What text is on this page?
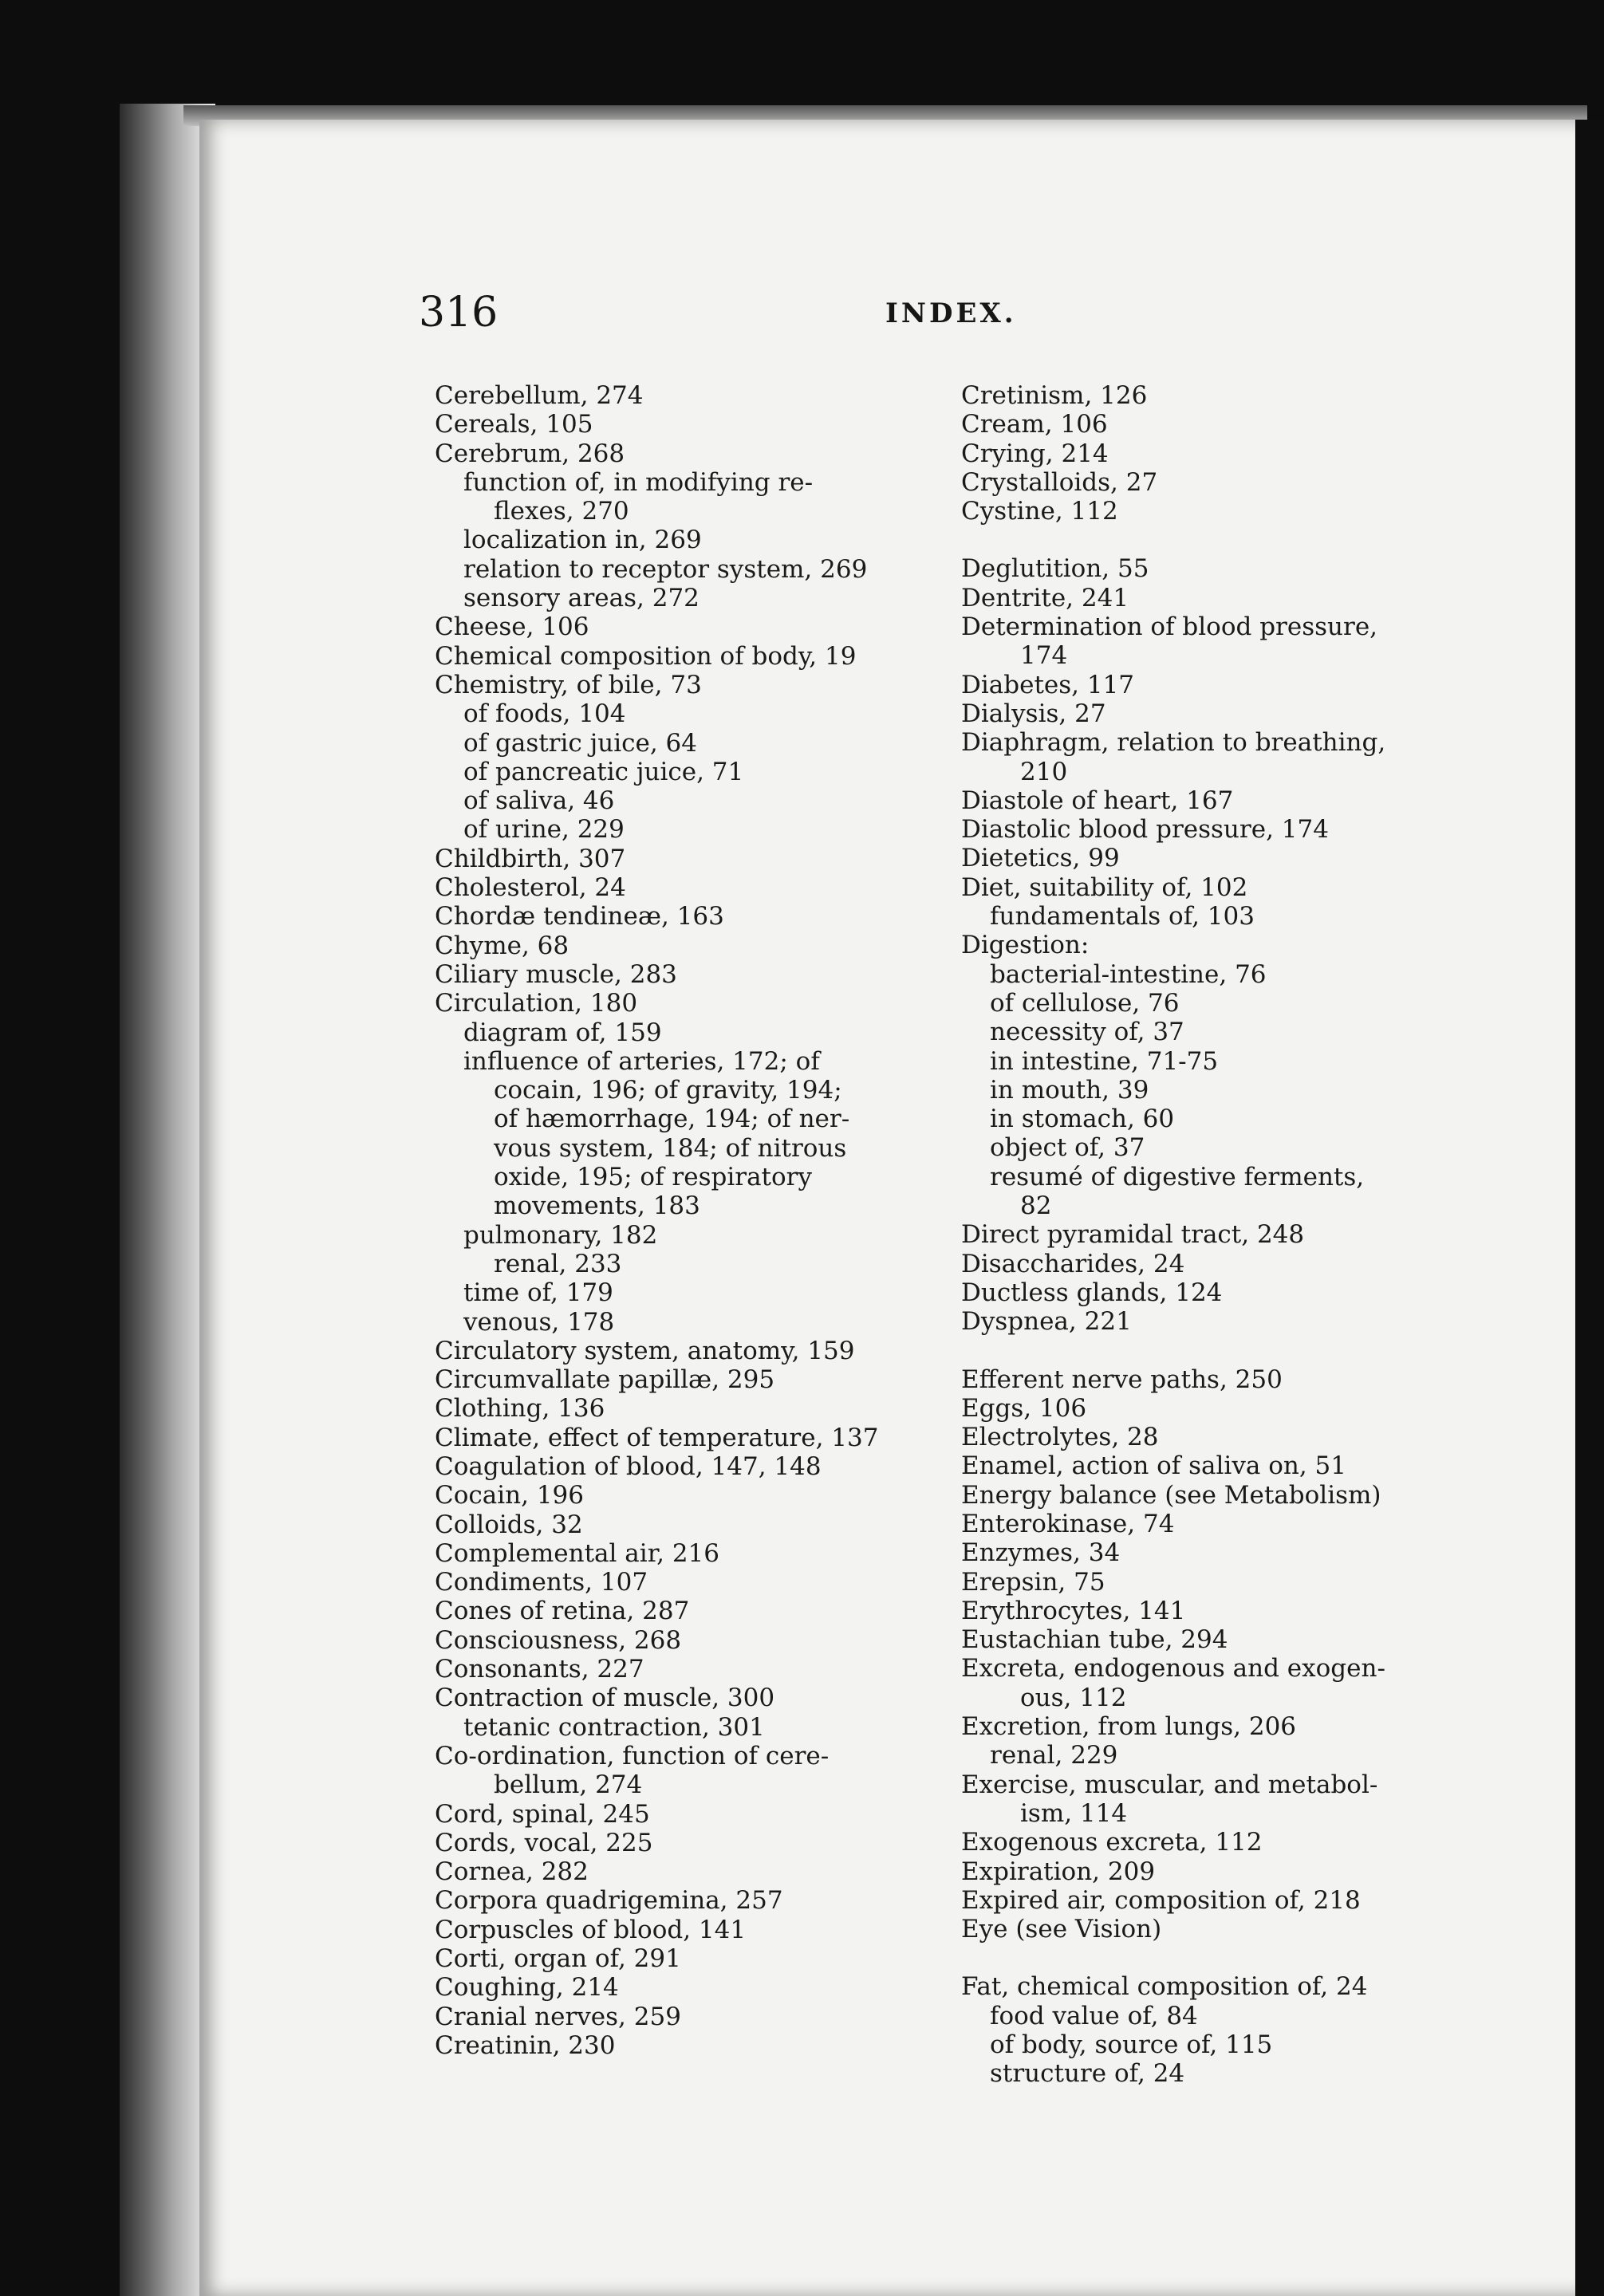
316	INDEX.
Cerebellum, 274
Cereals, 105
Cerebrum, 268
function of, in modifying re-
flexes, 270
localization in, 269
relation to receptor system, 269
sensory areas, 272
Cheese, 106
Chemical composition of body, 19
Chemistry, of bile, 73
of foods, 104
of gastric juice, 64
of pancreatic juice, 71
of saliva, 46
of urine, 229
Childbirth, 307
Cholesterol, 24
Chordæ tendineæ, 163
Chyme, 68
Ciliary muscle, 283
Circulation, 180
diagram of, 159
influence of arteries, 172; of
cocain, 196; of gravity, 194;
of hæmorrhage, 194; of ner-
vous system, 184; of nitrous
oxide, 195; of respiratory
movements, 183
pulmonary, 182
renal, 233
time of, 179
venous, 178
Circulatory system, anatomy, 159
Circumvallate papillæ, 295
Clothing, 136
Climate, effect of temperature, 137
Coagulation of blood, 147, 148
Cocain, 196
Colloids, 32
Complemental air, 216
Condiments, 107
Cones of retina, 287
Consciousness, 268
Consonants, 227
Contraction of muscle, 300
tetanic contraction, 301
Co-ordination, function of cere-
bellum, 274
Cord, spinal, 245
Cords, vocal, 225
Cornea, 282
Corpora quadrigemina, 257
Corpuscles of blood, 141
Corti, organ of, 291
Coughing, 214
Cranial nerves, 259
Creatinin, 230
Cretinism, 126
Cream, 106
Crying, 214
Crystalloids, 27
Cystine, 112
Deglutition, 55
Dentrite, 241
Determination of blood pressure,
174
Diabetes, 117
Dialysis, 27
Diaphragm, relation to breathing,
210
Diastole of heart, 167
Diastolic blood pressure, 174
Dietetics, 99
Diet, suitability of, 102
fundamentals of, 103
Digestion:
bacterial-intestine, 76
of cellulose, 76
necessity of, 37
in intestine, 71-75
in mouth, 39
in stomach, 60
object of, 37
resumé of digestive ferments,
82
Direct pyramidal tract, 248
Disaccharides, 24
Ductless glands, 124
Dyspnea, 221
Efferent nerve paths, 250
Eggs, 106
Electrolytes, 28
Enamel, action of saliva on, 51
Energy balance (see Metabolism)
Enterokinase, 74
Enzymes, 34
Erepsin, 75
Erythrocytes, 141
Eustachian tube, 294
Excreta, endogenous and exogen-
ous, 112
Excretion, from lungs, 206
renal, 229
Exercise, muscular, and metabol-
ism, 114
Exogenous excreta, 112
Expiration, 209
Expired air, composition of, 218
Eye (see Vision)
Fat, chemical composition of, 24
food value of, 84
of body, source of, 115
structure of, 24
